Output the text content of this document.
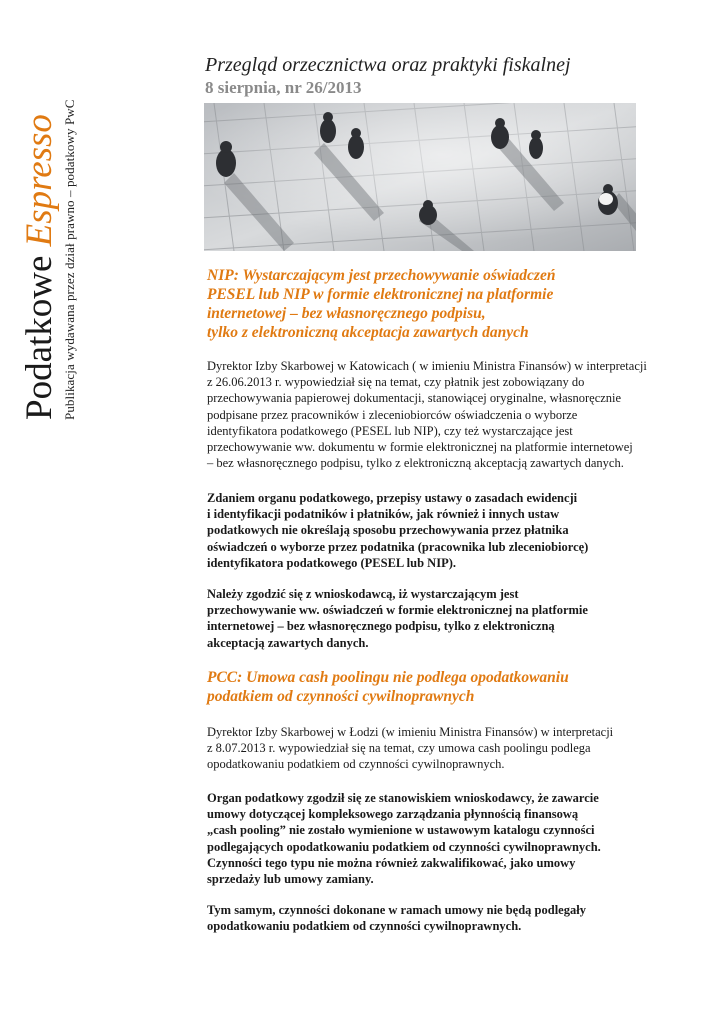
Podatkowe Espresso Publikacja wydawana przez dział prawno – podatkowy PwC
Przegląd orzecznictwa oraz praktyki fiskalnej
8 sierpnia, nr 26/2013

NIP: Wystarczającym jest przechowywanie oświadczeń

PESEL lub NIP w formie elektronicznej na platformie

internetowej – bez własnoręcznego podpisu,

tylko z elektroniczną akceptacja zawartych danych

Dyrektor Izby Skarbowej w Katowicach ( w imieniu Ministra Finansów) w interpretacji

z 26.06.2013 r. wypowiedział się na temat, czy płatnik jest zobowiązany do

przechowywania papierowej dokumentacji, stanowiącej oryginalne, własnoręcznie

podpisane przez pracowników i zleceniobiorców oświadczenia o wyborze

identyfikatora podatkowego (PESEL lub NIP), czy też wystarczające jest

przechowywanie ww. dokumentu w formie elektronicznej na platformie internetowej

– bez własnoręcznego podpisu, tylko z elektroniczną akceptacją zawartych danych.

Zdaniem organu podatkowego, przepisy ustawy o zasadach ewidencji

i identyfikacji podatników i płatników, jak również i innych ustaw

podatkowych nie określają sposobu przechowywania przez płatnika

oświadczeń o wyborze przez podatnika (pracownika lub zleceniobiorcę)

identyfikatora podatkowego (PESEL lub NIP).

Należy zgodzić się z wnioskodawcą, iż wystarczającym jest

przechowywanie ww. oświadczeń w formie elektronicznej na platformie

internetowej – bez własnoręcznego podpisu, tylko z elektroniczną

akceptacją zawartych danych.

PCC: Umowa cash poolingu nie podlega opodatkowaniu

podatkiem od czynności cywilnoprawnych

Dyrektor Izby Skarbowej w Łodzi (w imieniu Ministra Finansów) w interpretacji

z 8.07.2013 r. wypowiedział się na temat, czy umowa cash poolingu podlega

opodatkowaniu podatkiem od czynności cywilnoprawnych.

Organ podatkowy zgodził się ze stanowiskiem wnioskodawcy, że zawarcie

umowy dotyczącej kompleksowego zarządzania płynnością finansową

„cash pooling” nie zostało wymienione w ustawowym katalogu czynności

podlegających opodatkowaniu podatkiem od czynności cywilnoprawnych.

Czynności tego typu nie można również zakwalifikować, jako umowy

sprzedaży lub umowy zamiany.

Tym samym, czynności dokonane w ramach umowy nie będą podlegały

opodatkowaniu podatkiem od czynności cywilnoprawnych.
